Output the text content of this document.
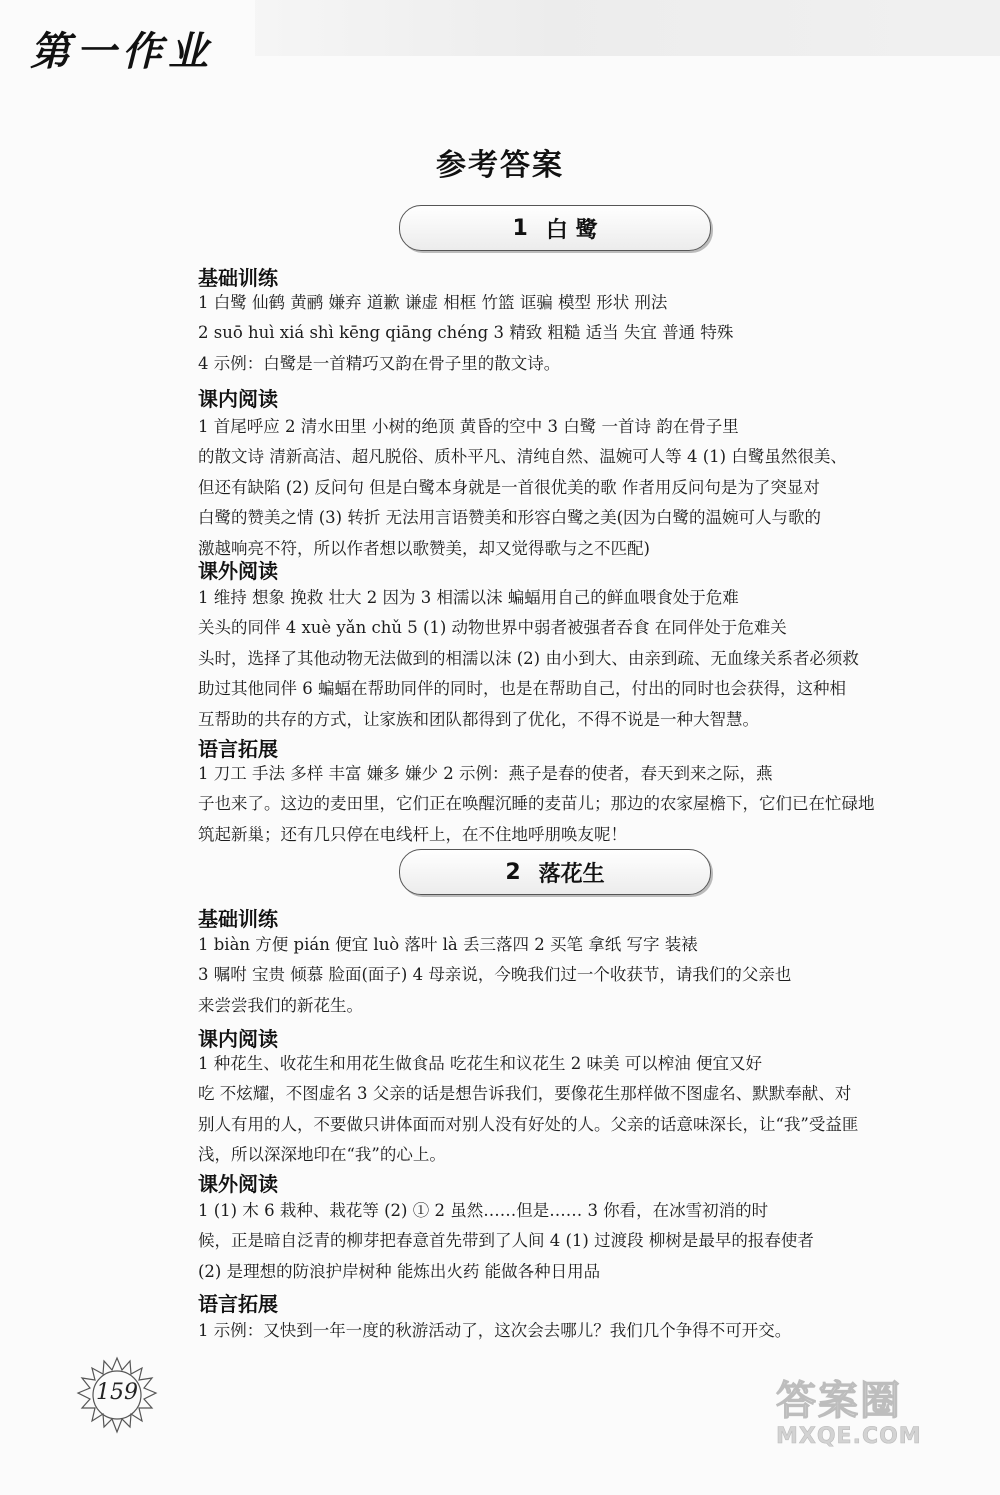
第一作业
参考答案
1 白 鹭
基础训练
1 白鹭 仙鹤 黄鹂 嫌弃 道歉 谦虚 相框 竹篮 诓骗 模型 形状 刑法
2 suō huì xiá shì kēng qiāng chéng 3 精致 粗糙 适当 失宜 普通 特殊
4 示例：白鹭是一首精巧又韵在骨子里的散文诗。
课内阅读
1 首尾呼应 2 清水田里 小树的绝顶 黄昏的空中 3 白鹭 一首诗 韵在骨子里
的散文诗 清新高洁、超凡脱俗、质朴平凡、清纯自然、温婉可人等 4 (1) 白鹭虽然很美、
但还有缺陷 (2) 反问句 但是白鹭本身就是一首很优美的歌 作者用反问句是为了突显对
白鹭的赞美之情 (3) 转折 无法用言语赞美和形容白鹭之美(因为白鹭的温婉可人与歌的
激越响亮不符，所以作者想以歌赞美，却又觉得歌与之不匹配)
课外阅读
1 维持 想象 挽救 壮大 2 因为 3 相濡以沫 蝙蝠用自己的鲜血喂食处于危难
关头的同伴 4 xuè yǎn chǔ 5 (1) 动物世界中弱者被强者吞食 在同伴处于危难关
头时，选择了其他动物无法做到的相濡以沫 (2) 由小到大、由亲到疏、无血缘关系者必须救
助过其他同伴 6 蝙蝠在帮助同伴的同时，也是在帮助自己，付出的同时也会获得，这种相
互帮助的共存的方式，让家族和团队都得到了优化，不得不说是一种大智慧。
语言拓展
1 刀工 手法 多样 丰富 嫌多 嫌少 2 示例：燕子是春的使者，春天到来之际，燕
子也来了。这边的麦田里，它们正在唤醒沉睡的麦苗儿；那边的农家屋檐下，它们已在忙碌地
筑起新巢；还有几只停在电线杆上，在不住地呼朋唤友呢！
2 落花生
基础训练
1 biàn 方便 pián 便宜 luò 落叶 là 丢三落四 2 买笔 拿纸 写字 装裱
3 嘱咐 宝贵 倾慕 脸面(面子) 4 母亲说，今晚我们过一个收获节，请我们的父亲也
来尝尝我们的新花生。
课内阅读
1 种花生、收花生和用花生做食品 吃花生和议花生 2 味美 可以榨油 便宜又好
吃 不炫耀，不图虚名 3 父亲的话是想告诉我们，要像花生那样做不图虚名、默默奉献、对
别人有用的人，不要做只讲体面而对别人没有好处的人。父亲的话意味深长，让“我”受益匪
浅，所以深深地印在“我”的心上。
课外阅读
1 (1) 木 6 栽种、栽花等 (2) ① 2 虽然……但是…… 3 你看，在冰雪初消的时
候，正是暗自泛青的柳芽把春意首先带到了人间 4 (1) 过渡段 柳树是最早的报春使者
(2) 是理想的防浪护岸树种 能炼出火药 能做各种日用品
语言拓展
1 示例：又快到一年一度的秋游活动了，这次会去哪儿？我们几个争得不可开交。
159	答案圈
MXQE.COM
